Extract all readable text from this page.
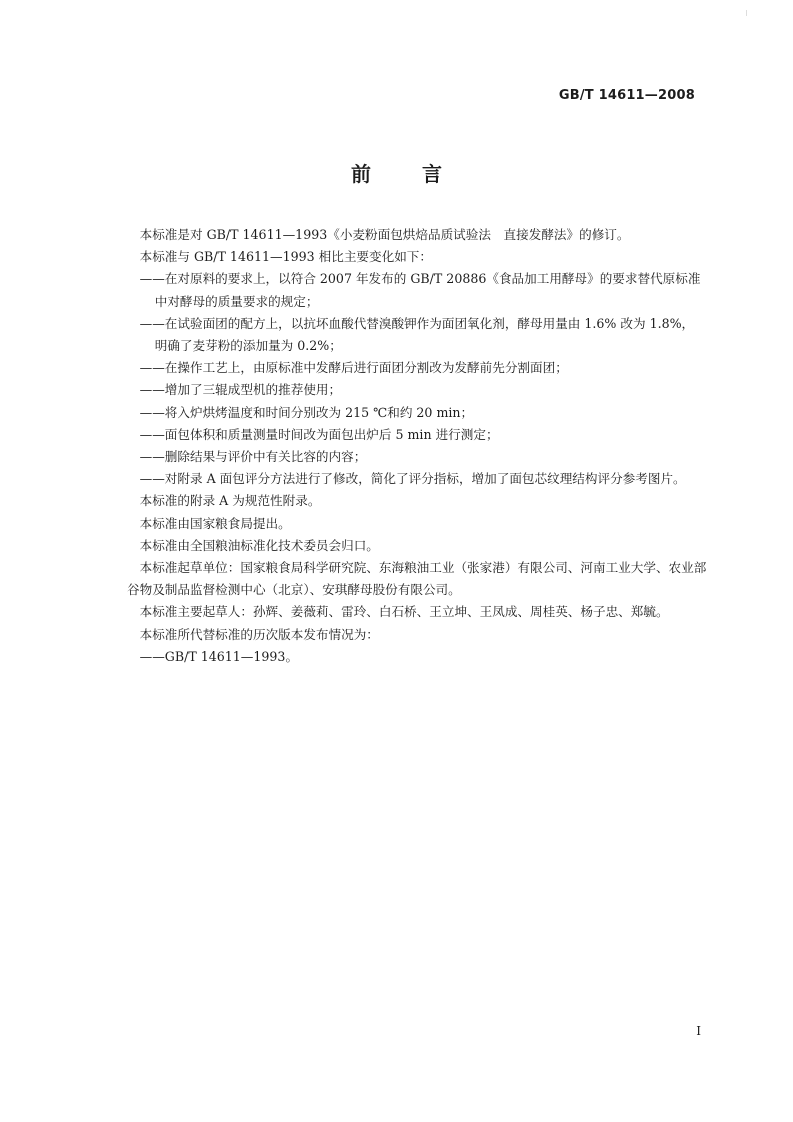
GB/T 14611—2008
前 言

本标准是对 GB/T 14611—1993《小麦粉面包烘焙品质试验法　直接发酵法》的修订。

本标准与 GB/T 14611—1993 相比主要变化如下：

——在对原料的要求上，以符合 2007 年发布的 GB/T 20886《食品加工用酵母》的要求替代原标准

中对酵母的质量要求的规定；

——在试验面团的配方上，以抗坏血酸代替溴酸钾作为面团氧化剂，酵母用量由 1.6% 改为 1.8%，

明确了麦芽粉的添加量为 0.2%；

——在操作工艺上，由原标准中发酵后进行面团分割改为发酵前先分割面团；

——增加了三辊成型机的推荐使用；

——将入炉烘烤温度和时间分别改为 215 ℃和约 20 min；

——面包体积和质量测量时间改为面包出炉后 5 min 进行测定；

——删除结果与评价中有关比容的内容；

——对附录 A 面包评分方法进行了修改，简化了评分指标，增加了面包芯纹理结构评分参考图片。

本标准的附录 A 为规范性附录。

本标准由国家粮食局提出。

本标准由全国粮油标准化技术委员会归口。

本标准起草单位：国家粮食局科学研究院、东海粮油工业（张家港）有限公司、河南工业大学、农业部

谷物及制品监督检测中心（北京）、安琪酵母股份有限公司。

本标准主要起草人：孙辉、姜薇莉、雷玲、白石桥、王立坤、王凤成、周桂英、杨子忠、郑毓。

本标准所代替标准的历次版本发布情况为：

——GB/T 14611—1993。

I
